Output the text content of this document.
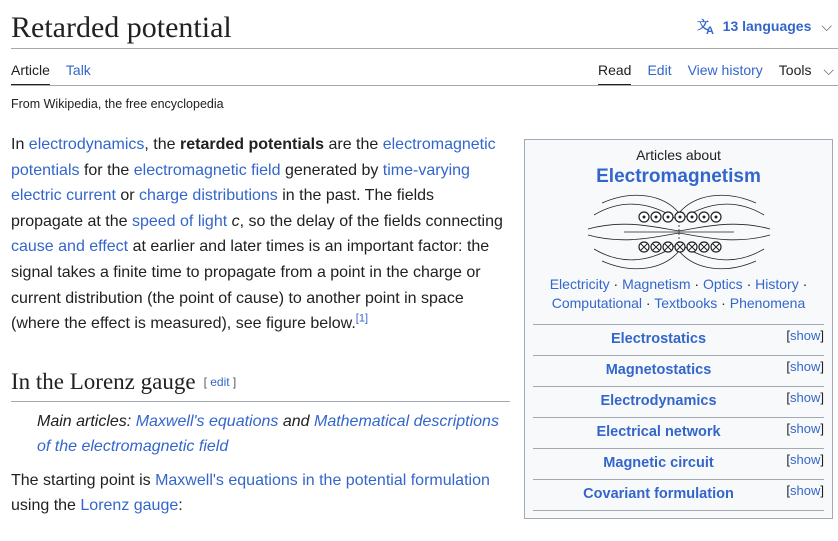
Retarded potential	文
A 13 languages ⌵
Article Talk	Read Edit View history Tools ⌵
From Wikipedia, the free encyclopedia

In electrodynamics, the retarded potentials are the electromagnetic potentials for the electromagnetic field generated by time-varying electric current or charge distributions in the past. The fields propagate at the speed of light c, so the delay of the fields connecting cause and effect at earlier and later times is an important factor: the signal takes a finite time to propagate from a point in the charge or current distribution (the point of cause) to another point in space (where the effect is measured), see figure below.[1]

In the Lorenz gauge [ edit ]

Main articles: Maxwell's equations and Mathematical descriptions of the electromagnetic field

The starting point is Maxwell's equations in the potential formulation using the Lorenz gauge:

Articles about
Electromagnetism
Electricity · Magnetism · Optics · History ·
Computational · Textbooks · Phenomena
Electrostatics	[show]
Magnetostatics	[show]
Electrodynamics	[show]
Electrical network	[show]
Magnetic circuit	[show]
Covariant formulation	[show]
